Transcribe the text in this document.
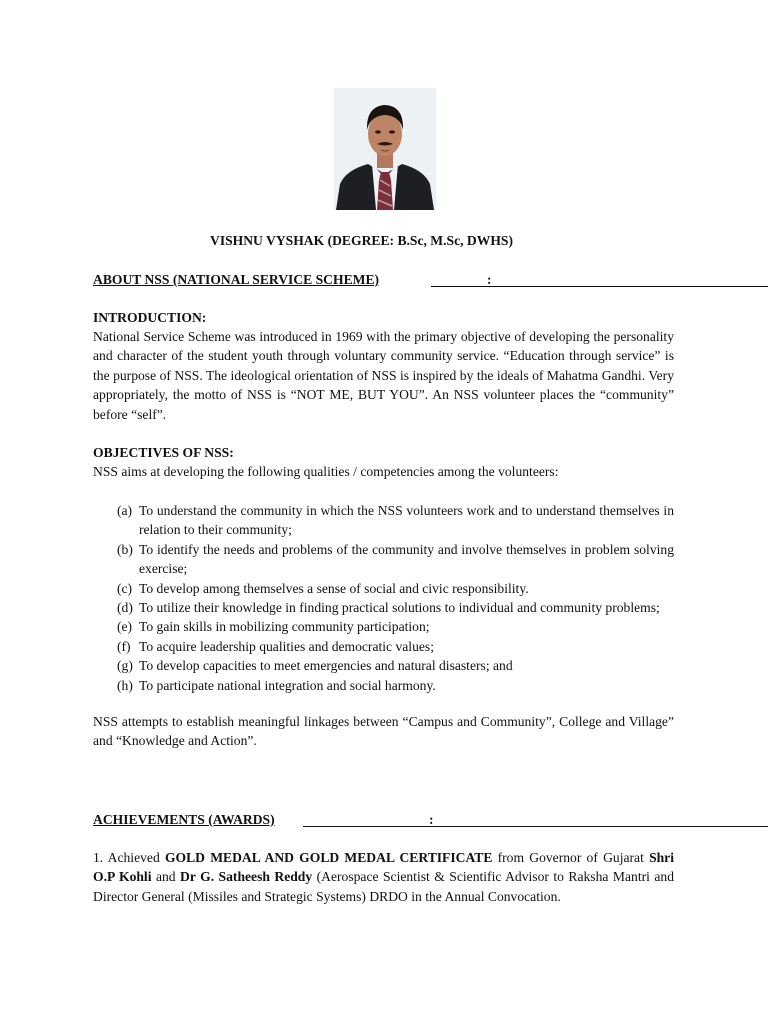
VISHNU VYSHAK (DEGREE: B.Sc, M.Sc, DWHS)
ABOUT NSS (NATIONAL SERVICE SCHEME)	:
INTRODUCTION:
National Service Scheme was introduced in 1969 with the primary objective of developing the personality and character of the student youth through voluntary community service. “Education through service” is the purpose of NSS. The ideological orientation of NSS is inspired by the ideals of Mahatma Gandhi. Very appropriately, the motto of NSS is “NOT ME, BUT YOU”. An NSS volunteer places the “community” before “self”.
OBJECTIVES OF NSS:
NSS aims at developing the following qualities / competencies among the volunteers:
(a) To understand the community in which the NSS volunteers work and to understand themselves in relation to their community;
(b) To identify the needs and problems of the community and involve themselves in problem solving exercise;
(c) To develop among themselves a sense of social and civic responsibility.
(d) To utilize their knowledge in finding practical solutions to individual and community problems;
(e) To gain skills in mobilizing community participation;
(f) To acquire leadership qualities and democratic values;
(g) To develop capacities to meet emergencies and natural disasters; and
(h) To participate national integration and social harmony.
NSS attempts to establish meaningful linkages between “Campus and Community”, College and Village” and “Knowledge and Action”.
ACHIEVEMENTS (AWARDS)	:
1. Achieved GOLD MEDAL AND GOLD MEDAL CERTIFICATE from Governor of Gujarat Shri O.P Kohli and Dr G. Satheesh Reddy (Aerospace Scientist & Scientific Advisor to Raksha Mantri and Director General (Missiles and Strategic Systems) DRDO in the Annual Convocation.
